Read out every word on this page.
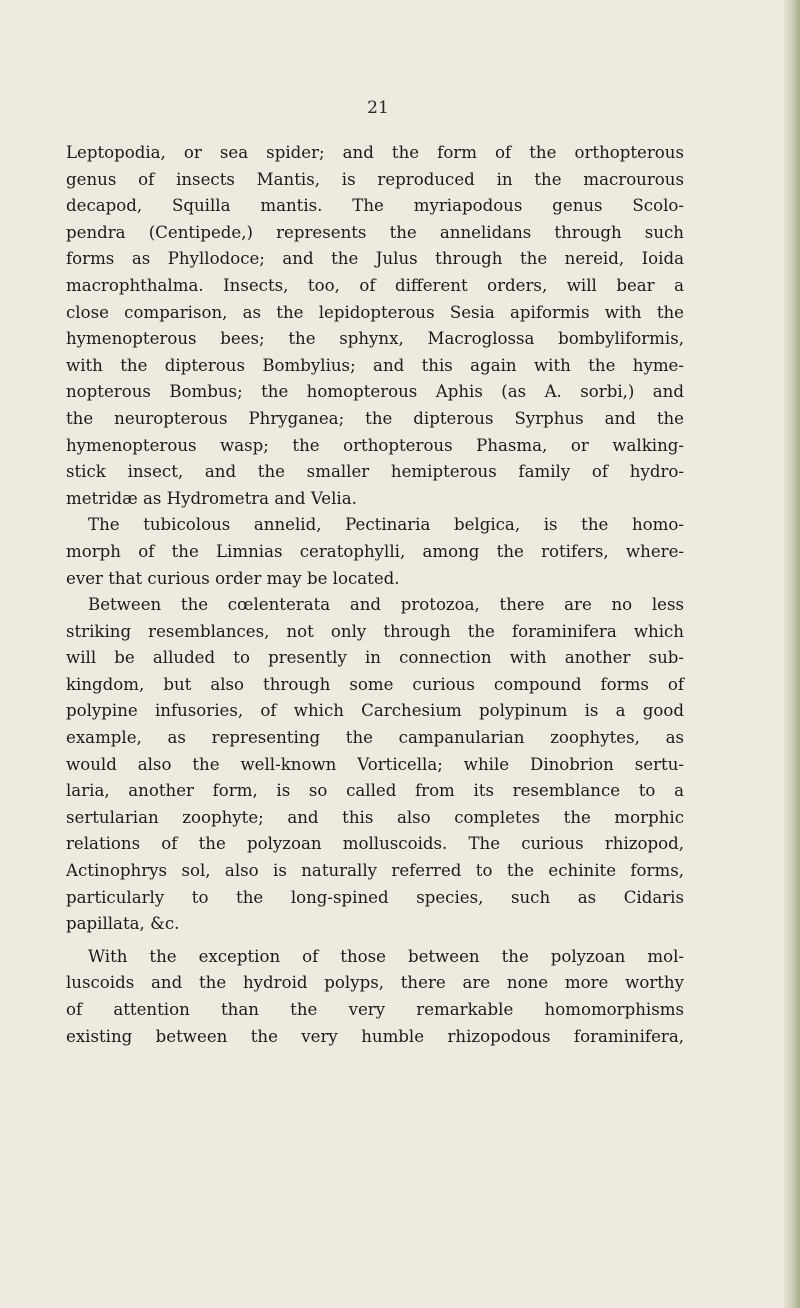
21
Leptopodia, or sea spider; and the form of the orthopterous
genus of insects Mantis, is reproduced in the macrourous
decapod, Squilla mantis. The myriapodous genus Scolo-
pendra (Centipede,) represents the annelidans through such
forms as Phyllodoce; and the Julus through the nereid, Ioida
macrophthalma. Insects, too, of different orders, will bear a
close comparison, as the lepidopterous Sesia apiformis with the
hymenopterous bees; the sphynx, Macroglossa bombyliformis,
with the dipterous Bombylius; and this again with the hyme-
nopterous Bombus; the homopterous Aphis (as A. sorbi,) and
the neuropterous Phryganea; the dipterous Syrphus and the
hymenopterous wasp; the orthopterous Phasma, or walking-
stick insect, and the smaller hemipterous family of hydro-
metridæ as Hydrometra and Velia.
The tubicolous annelid, Pectinaria belgica, is the homo-
morph of the Limnias ceratophylli, among the rotifers, where-
ever that curious order may be located.
Between the cœlenterata and protozoa, there are no less
striking resemblances, not only through the foraminifera which
will be alluded to presently in connection with another sub-
kingdom, but also through some curious compound forms of
polypine infusories, of which Carchesium polypinum is a good
example, as representing the campanularian zoophytes, as
would also the well-known Vorticella; while Dinobrion sertu-
laria, another form, is so called from its resemblance to a
sertularian zoophyte; and this also completes the morphic
relations of the polyzoan molluscoids. The curious rhizopod,
Actinophrys sol, also is naturally referred to the echinite forms,
particularly to the long-spined species, such as Cidaris
papillata, &c.
With the exception of those between the polyzoan mol-
luscoids and the hydroid polyps, there are none more worthy
of attention than the very remarkable homomorphisms
existing between the very humble rhizopodous foraminifera,
